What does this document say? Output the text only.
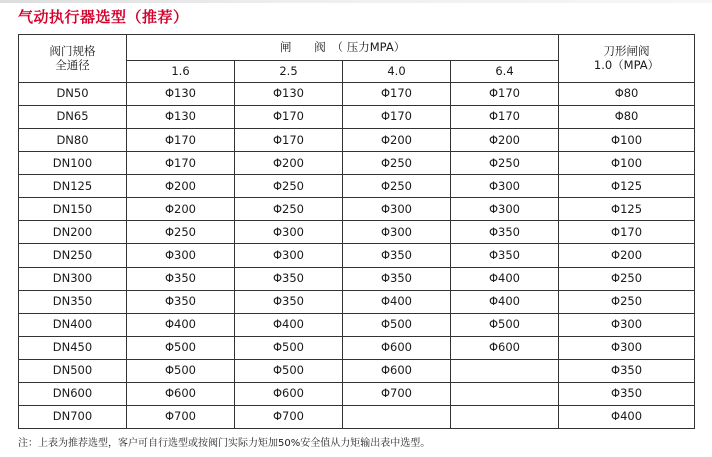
气动执行器选型（推荐）
阀门规格
全通径	闸　　阀　（ 压力MPA）				刀形闸阀
1.0（MPA）

	1.6	2.5	4.0	6.4	
DN50	Φ130	Φ130	Φ170	Φ170	Φ80
DN65	Φ130	Φ170	Φ170	Φ170	Φ80
DN80	Φ170	Φ170	Φ200	Φ200	Φ100
DN100	Φ170	Φ200	Φ250	Φ250	Φ100
DN125	Φ200	Φ250	Φ250	Φ300	Φ125
DN150	Φ200	Φ250	Φ300	Φ300	Φ125
DN200	Φ250	Φ300	Φ300	Φ350	Φ170
DN250	Φ300	Φ300	Φ350	Φ350	Φ200
DN300	Φ350	Φ350	Φ350	Φ400	Φ250
DN350	Φ350	Φ350	Φ400	Φ400	Φ250
DN400	Φ400	Φ400	Φ500	Φ500	Φ300
DN450	Φ500	Φ500	Φ600	Φ600	Φ300
DN500	Φ500	Φ500	Φ600		Φ350
DN600	Φ600	Φ600	Φ700		Φ350
DN700	Φ700	Φ700			Φ400
注：上表为推荐选型，客户可自行选型或按阀门实际力矩加50%安全值从力矩输出表中选型。
